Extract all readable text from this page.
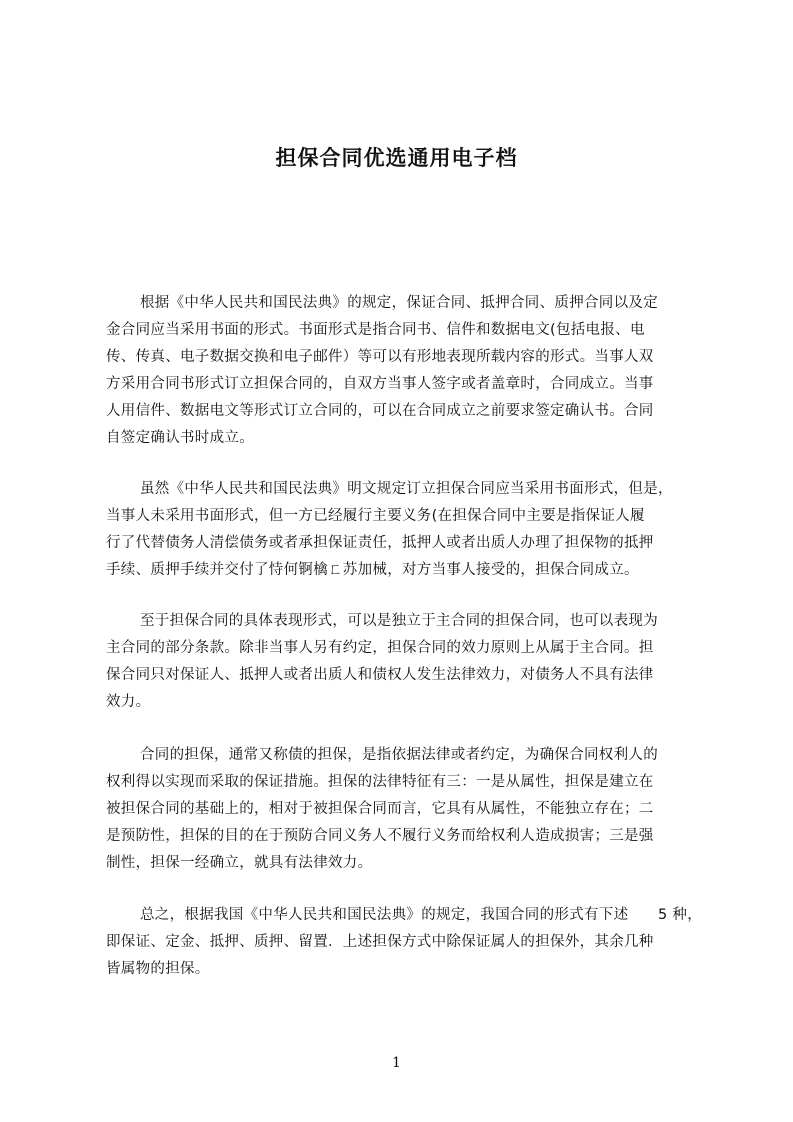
担保合同优选通用电子档

根据《中华人民共和国民法典》的规定，保证合同、抵押合同、质押合同以及定
金合同应当采用书面的形式。书面形式是指合同书、信件和数据电文(包括电报、电
传、传真、电子数据交换和电子邮件）等可以有形地表现所载内容的形式。当事人双
方采用合同书形式订立担保合同的，自双方当事人签字或者盖章时，合同成立。当事
人用信件、数据电文等形式订立合同的，可以在合同成立之前要求签定确认书。合同
自签定确认书时成立。

虽然《中华人民共和国民法典》明文规定订立担保合同应当采用书面形式，但是，
当事人未采用书面形式，但一方已经履行主要义务(在担保合同中主要是指保证人履
行了代替债务人清偿债务或者承担保证责任，抵押人或者出质人办理了担保物的抵押
手续、质押手续并交付了恃何锕檎ㄈ苏加械，对方当事人接受的，担保合同成立。

至于担保合同的具体表现形式，可以是独立于主合同的担保合同，也可以表现为
主合同的部分条款。除非当事人另有约定，担保合同的效力原则上从属于主合同。担
保合同只对保证人、抵押人或者出质人和债权人发生法律效力，对债务人不具有法律
效力。

合同的担保，通常又称债的担保，是指依据法律或者约定，为确保合同权利人的
权利得以实现而采取的保证措施。担保的法律特征有三：一是从属性，担保是建立在
被担保合同的基础上的，相对于被担保合同而言，它具有从属性，不能独立存在；二
是预防性，担保的目的在于预防合同义务人不履行义务而给权利人造成损害；三是强
制性，担保一经确立，就具有法律效力。

总之，根据我国《中华人民共和国民法典》的规定，我国合同的形式有下述　　5 种，
即保证、定金、抵押、质押、留置．上述担保方式中除保证属人的担保外，其余几种
皆属物的担保。

1
